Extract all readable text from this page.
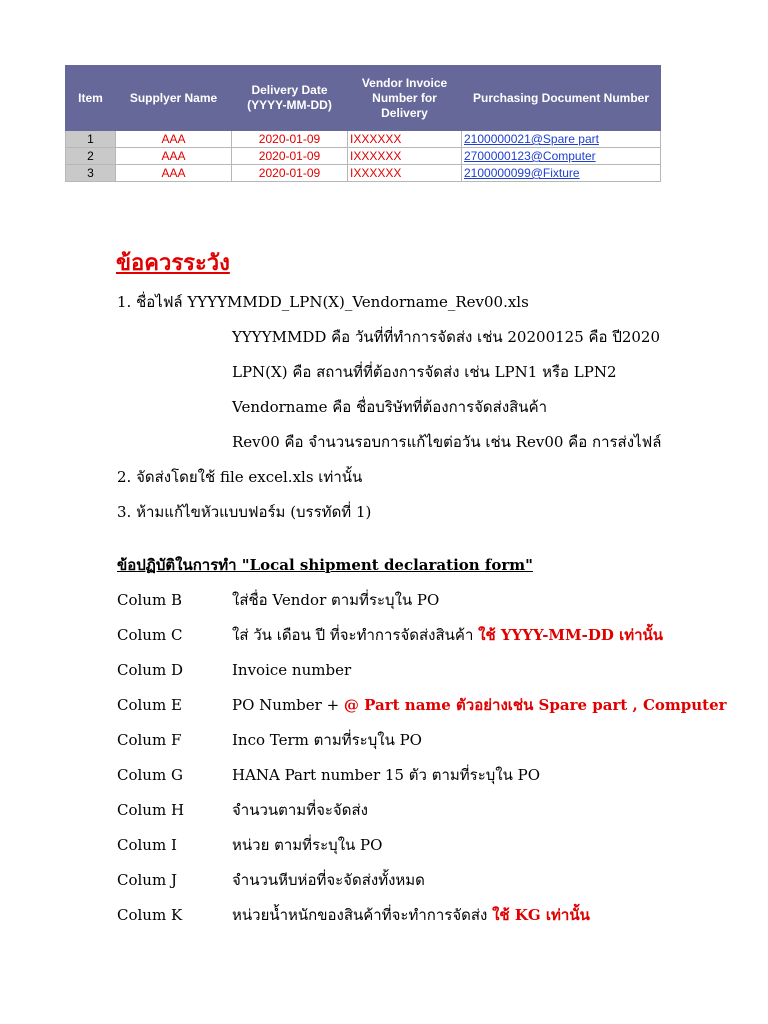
Item	Supplyer Name	Delivery Date (YYYY-MM-DD)	Vendor Invoice Number for Delivery	Purchasing Document Number
1	AAA	2020-01-09	IXXXXXX	2100000021@Spare part
2	AAA	2020-01-09	IXXXXXX	2700000123@Computer
3	AAA	2020-01-09	IXXXXXX	2100000099@Fixture
ข้อควรระวัง
1. ชื่อไฟล์ YYYYMMDD_LPN(X)_Vendorname_Rev00.xls
YYYYMMDD คือ วันที่ที่ทำการจัดส่ง เช่น 20200125 คือ ปี2020
LPN(X) คือ สถานที่ที่ต้องการจัดส่ง เช่น LPN1 หรือ LPN2
Vendorname คือ ชื่อบริษัทที่ต้องการจัดส่งสินค้า
Rev00 คือ จำนวนรอบการแก้ไขต่อวัน เช่น Rev00 คือ การส่งไฟล์
2. จัดส่งโดยใช้ file excel.xls เท่านั้น
3. ห้ามแก้ไขหัวแบบฟอร์ม (บรรทัดที่ 1)
ข้อปฏิบัติในการทำ "Local shipment declaration form"
Colum B	ใส่ชื่อ Vendor ตามที่ระบุใน PO
Colum C	ใส่ วัน เดือน ปี ที่จะทำการจัดส่งสินค้า ใช้ YYYY-MM-DD เท่านั้น
Colum D	Invoice number
Colum E	PO Number + @ Part name ตัวอย่างเช่น Spare part , Computer
Colum F	Inco Term ตามที่ระบุใน PO
Colum G	HANA Part number 15 ตัว ตามที่ระบุใน PO
Colum H	จำนวนตามที่จะจัดส่ง
Colum I	หน่วย ตามที่ระบุใน PO
Colum J	จำนวนหีบห่อที่จะจัดส่งทั้งหมด
Colum K	หน่วยน้ำหนักของสินค้าที่จะทำการจัดส่ง ใช้ KG เท่านั้น
